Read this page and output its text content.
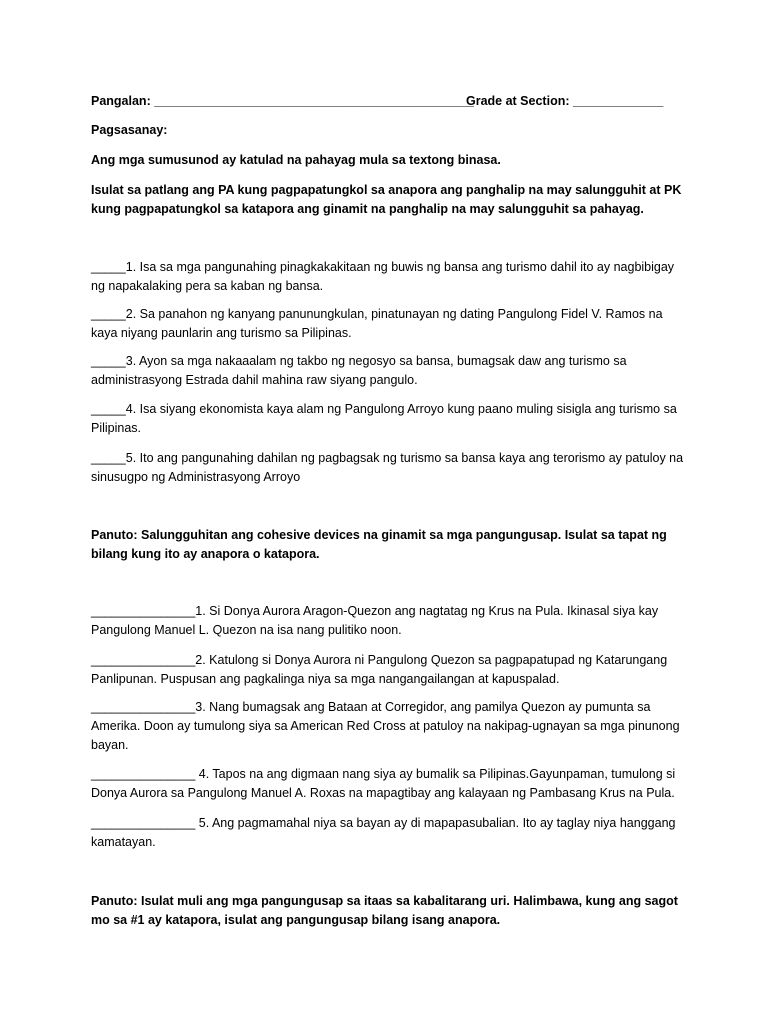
Pangalan: ______________________________________________
Grade at Section: _____________

Pagsasanay:

Ang mga sumusunod ay katulad na pahayag mula sa textong binasa.

Isulat sa patlang ang PA kung pagpapatungkol sa anapora ang panghalip na may salungguhit at PK kung pagpapatungkol sa katapora ang ginamit na panghalip na may salungguhit sa pahayag.

_____1. Isa sa mga pangunahing pinagkakakitaan ng buwis ng bansa ang turismo dahil ito ay nagbibigay ng napakalaking pera sa kaban ng bansa.

_____2. Sa panahon ng kanyang panunungkulan, pinatunayan ng dating Pangulong Fidel V. Ramos na kaya niyang paunlarin ang turismo sa Pilipinas.

_____3. Ayon sa mga nakaaalam ng takbo ng negosyo sa bansa, bumagsak daw ang turismo sa administrasyong Estrada dahil mahina raw siyang pangulo.

_____4. Isa siyang ekonomista kaya alam ng Pangulong Arroyo kung paano muling sisigla ang turismo sa Pilipinas.

_____5. Ito ang pangunahing dahilan ng pagbagsak ng turismo sa bansa kaya ang terorismo ay patuloy na sinusugpo ng Administrasyong Arroyo

Panuto: Salungguhitan ang cohesive devices na ginamit sa mga pangungusap. Isulat sa tapat ng bilang kung ito ay anapora o katapora.

_______________1. Si Donya Aurora Aragon-Quezon ang nagtatag ng Krus na Pula. Ikinasal siya kay Pangulong Manuel L. Quezon na isa nang pulitiko noon.

_______________2. Katulong si Donya Aurora ni Pangulong Quezon sa pagpapatupad ng Katarungang Panlipunan. Puspusan ang pagkalinga niya sa mga nangangailangan at kapuspalad.

_______________3. Nang bumagsak ang Bataan at Corregidor, ang pamilya Quezon ay pumunta sa Amerika. Doon ay tumulong siya sa American Red Cross at patuloy na nakipag-ugnayan sa mga pinunong bayan.

_______________ 4. Tapos na ang digmaan nang siya ay bumalik sa Pilipinas.Gayunpaman, tumulong si Donya Aurora sa Pangulong Manuel A. Roxas na mapagtibay ang kalayaan ng Pambasang Krus na Pula.

_______________ 5. Ang pagmamahal niya sa bayan ay di mapapasubalian. Ito ay taglay niya hanggang kamatayan.

Panuto: Isulat muli ang mga pangungusap sa itaas sa kabalitarang uri. Halimbawa, kung ang sagot mo sa #1 ay katapora, isulat ang pangungusap bilang isang anapora.
